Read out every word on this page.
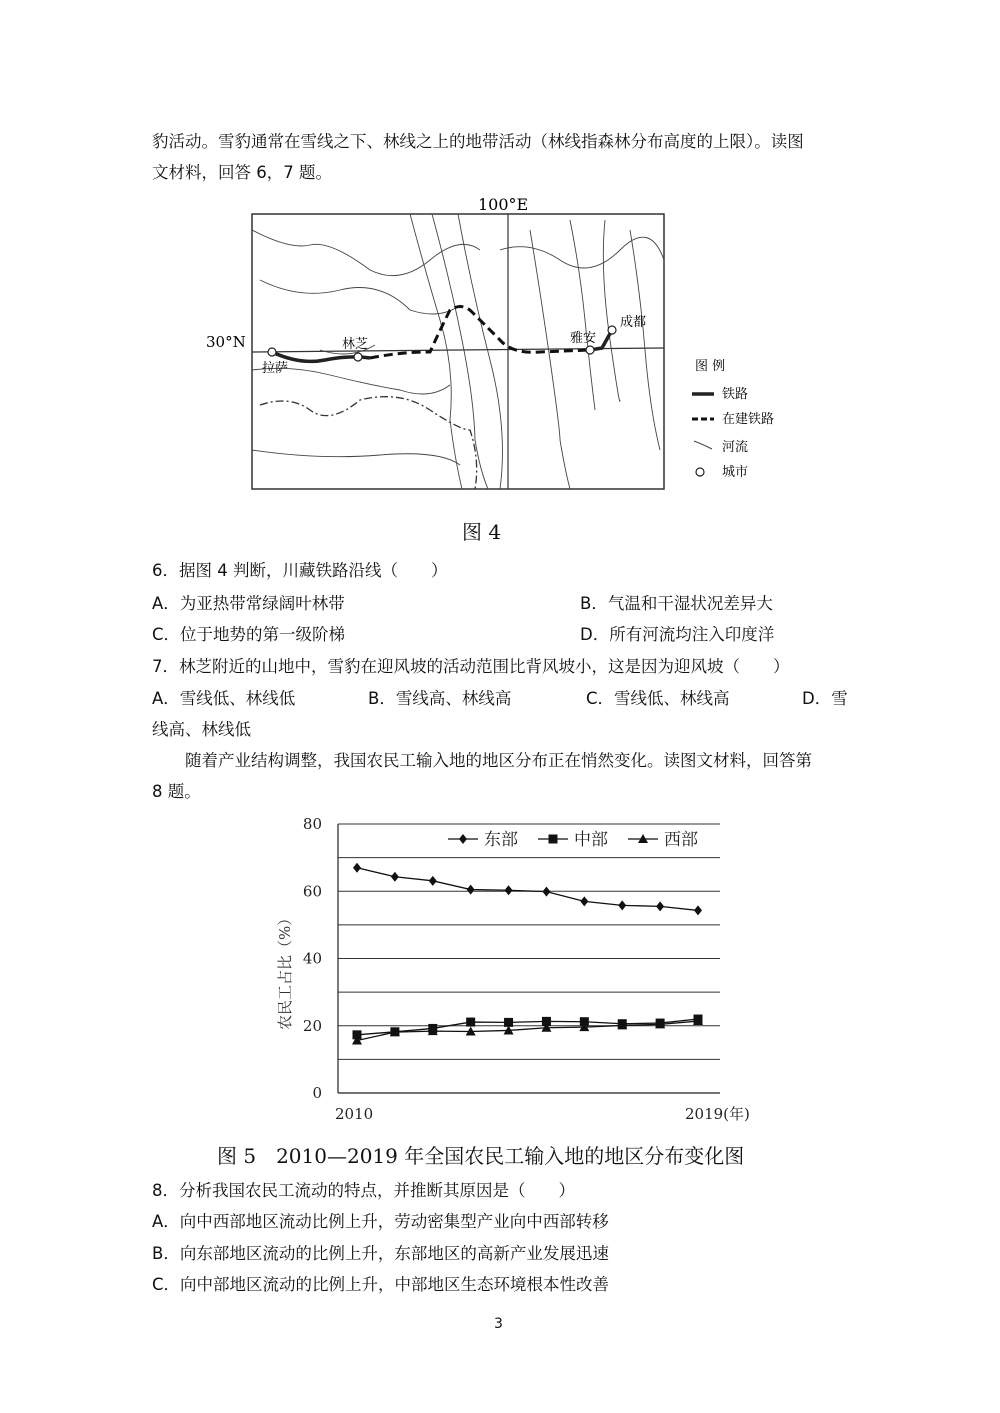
豹活动。雪豹通常在雪线之下、林线之上的地带活动（林线指森林分布高度的上限）。读图
文材料，回答 6，7 题。
100°E
30°N
拉萨
林芝	雅安
成都
图 例
铁路
在建铁路
河流
城市
图 4
6．据图 4 判断，川藏铁路沿线（　　）
A．为亚热带常绿阔叶林带	B．气温和干湿状况差异大
C．位于地势的第一级阶梯	D．所有河流均注入印度洋
7．林芝附近的山地中，雪豹在迎风坡的活动范围比背风坡小，这是因为迎风坡（　　）
A．雪线低、林线低	B．雪线高、林线高	C．雪线低、林线高	D．雪
线高、林线低
随着产业结构调整，我国农民工输入地的地区分布正在悄然变化。读图文材料，回答第
8 题。
0
20
40
60
80
农民工占比（%）
2010	2019(年)
东部	中部	西部
图 5　2010—2019 年全国农民工输入地的地区分布变化图
8．分析我国农民工流动的特点，并推断其原因是（　　）
A．向中西部地区流动比例上升，劳动密集型产业向中西部转移
B．向东部地区流动的比例上升，东部地区的高新产业发展迅速
C．向中部地区流动的比例上升，中部地区生态环境根本性改善
3
